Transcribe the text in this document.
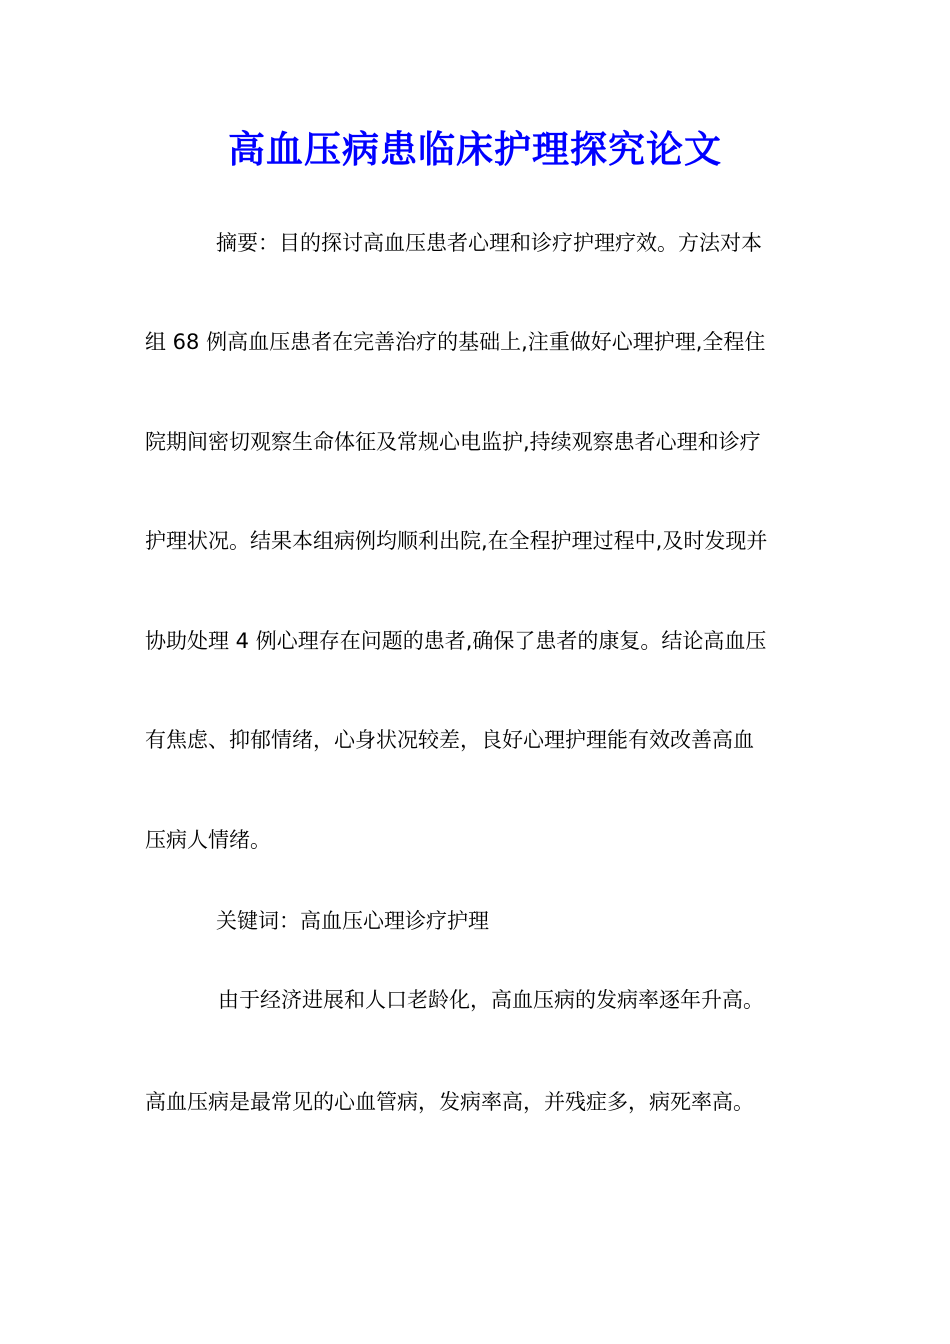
高血压病患临床护理探究论文

摘要：目的探讨高血压患者心理和诊疗护理疗效。方法对本

组 68 例高血压患者在完善治疗的基础上,注重做好心理护理,全程住

院期间密切观察生命体征及常规心电监护,持续观察患者心理和诊疗

护理状况。结果本组病例均顺利出院,在全程护理过程中,及时发现并

协助处理 4 例心理存在问题的患者,确保了患者的康复。结论高血压

有焦虑、抑郁情绪，心身状况较差，良好心理护理能有效改善高血

压病人情绪。

关键词：高血压心理诊疗护理

由于经济进展和人口老龄化，高血压病的发病率逐年升高。

高血压病是最常见的心血管病，发病率高，并残症多，病死率高。
